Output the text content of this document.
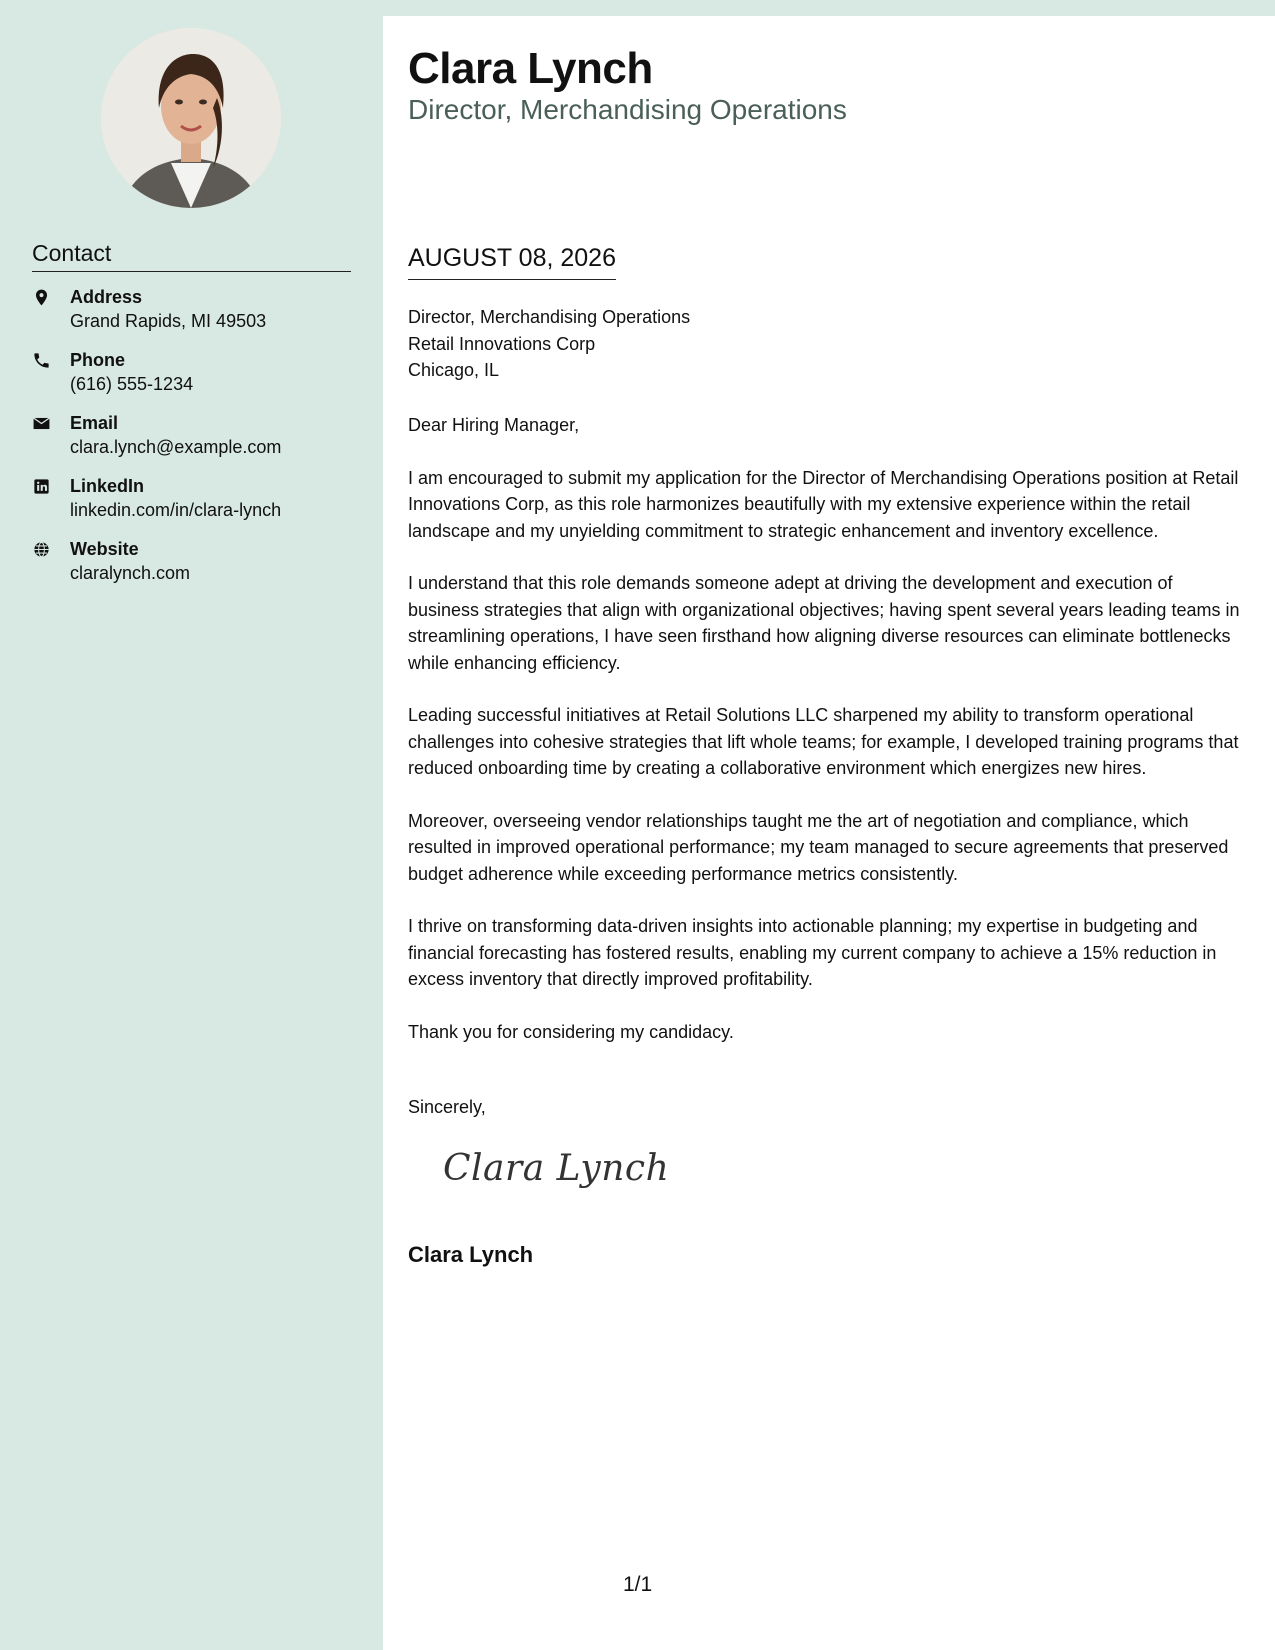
Contact
Address
Grand Rapids, MI 49503
Phone
(616) 555-1234
Email
clara.lynch@example.com
LinkedIn
linkedin.com/in/clara-lynch
Website
claralynch.com
Clara Lynch
Director, Merchandising Operations
AUGUST 08, 2026
Director, Merchandising Operations
Retail Innovations Corp
Chicago, IL

Dear Hiring Manager,

I am encouraged to submit my application for the Director of Merchandising Operations position at Retail Innovations Corp, as this role harmonizes beautifully with my extensive experience within the retail landscape and my unyielding commitment to strategic enhancement and inventory excellence.

I understand that this role demands someone adept at driving the development and execution of business strategies that align with organizational objectives; having spent several years leading teams in streamlining operations, I have seen firsthand how aligning diverse resources can eliminate bottlenecks while enhancing efficiency.

Leading successful initiatives at Retail Solutions LLC sharpened my ability to transform operational challenges into cohesive strategies that lift whole teams; for example, I developed training programs that reduced onboarding time by creating a collaborative environment which energizes new hires.

Moreover, overseeing vendor relationships taught me the art of negotiation and compliance, which resulted in improved operational performance; my team managed to secure agreements that preserved budget adherence while exceeding performance metrics consistently.

I thrive on transforming data-driven insights into actionable planning; my expertise in budgeting and financial forecasting has fostered results, enabling my current company to achieve a 15% reduction in excess inventory that directly improved profitability.

Thank you for considering my candidacy.

Sincerely,
Clara Lynch
Clara Lynch
1/1
